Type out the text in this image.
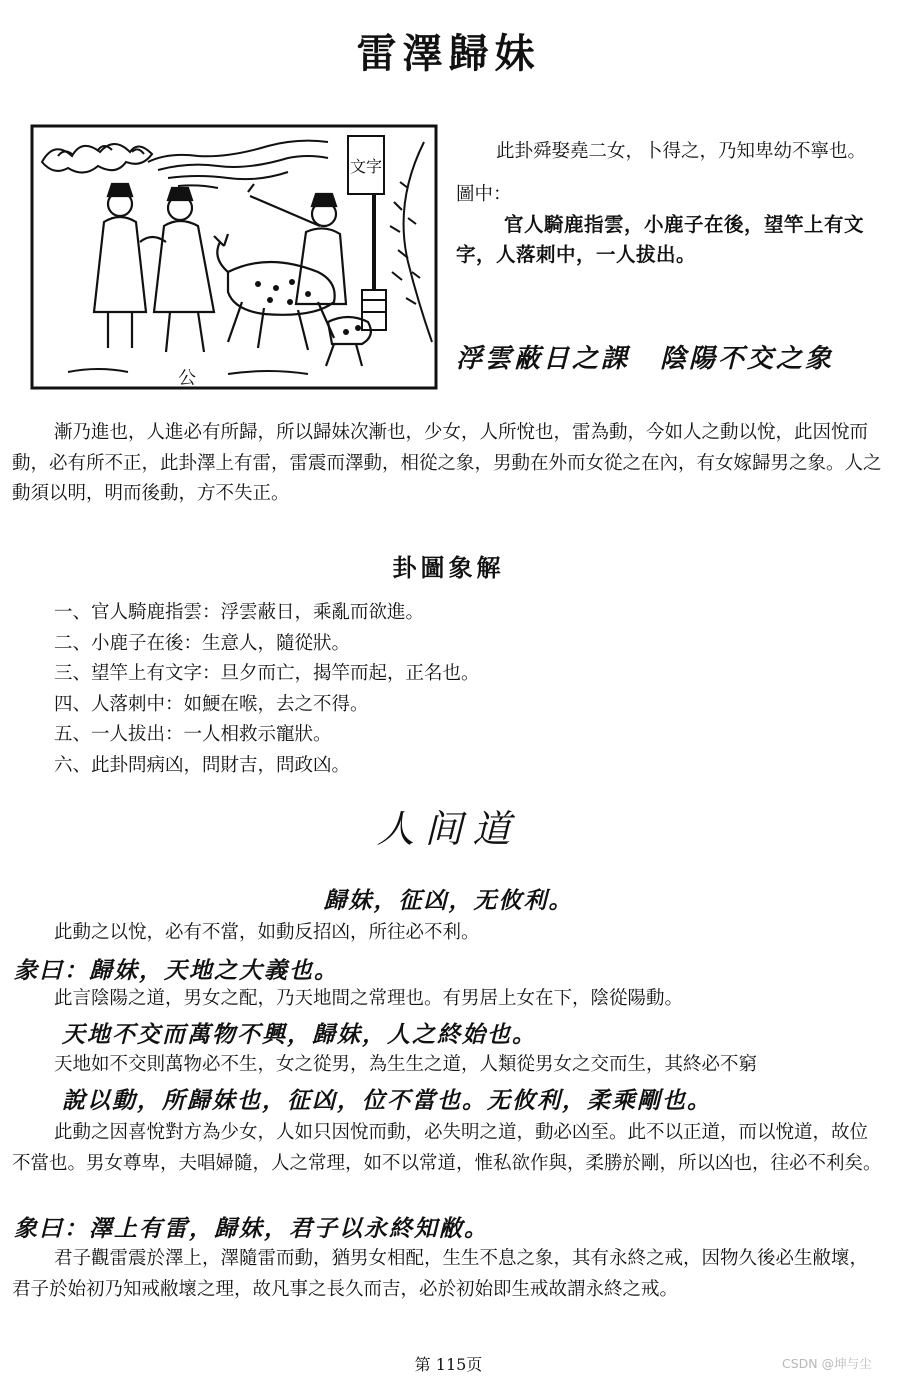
雷澤歸妹
文字
公
此卦舜娶堯二女，卜得之，乃知卑幼不寧也。
圖中：
官人騎鹿指雲，小鹿子在後，望竿上有文字，人落刺中，一人拔出。
浮雲蔽日之課 陰陽不交之象
漸乃進也，人進必有所歸，所以歸妹次漸也，少女，人所悅也，雷為動，今如人之動以悅，此因悅而動，必有所不正，此卦澤上有雷，雷震而澤動，相從之象，男動在外而女從之在內，有女嫁歸男之象。人之動須以明，明而後動，方不失正。
卦圖象解
一、官人騎鹿指雲：浮雲蔽日，乘亂而欲進。
二、小鹿子在後：生意人，隨從狀。
三、望竿上有文字：旦夕而亡，揭竿而起，正名也。
四、人落刺中：如鯁在喉，去之不得。
五、一人拔出：一人相救示寵狀。
六、此卦問病凶，問財吉，問政凶。
人间道
歸妹，征凶，无攸利。
此動之以悅，必有不當，如動反招凶，所往必不利。
彖曰：歸妹，天地之大義也。
此言陰陽之道，男女之配，乃天地間之常理也。有男居上女在下，陰從陽動。
天地不交而萬物不興，歸妹，人之終始也。
天地如不交則萬物必不生，女之從男，為生生之道，人類從男女之交而生，其終必不窮
說以動，所歸妹也，征凶，位不當也。无攸利，柔乘剛也。
此動之因喜悅對方為少女，人如只因悅而動，必失明之道，動必凶至。此不以正道，而以悅道，故位不當也。男女尊卑，夫唱婦隨，人之常理，如不以常道，惟私欲作與，柔勝於剛，所以凶也，往必不利矣。
象曰：澤上有雷，歸妹，君子以永終知敝。
君子觀雷震於澤上，澤隨雷而動，猶男女相配，生生不息之象，其有永終之戒，因物久後必生敝壞，君子於始初乃知戒敝壞之理，故凡事之長久而吉，必於初始即生戒故謂永終之戒。
第 115页	CSDN @坤与尘
